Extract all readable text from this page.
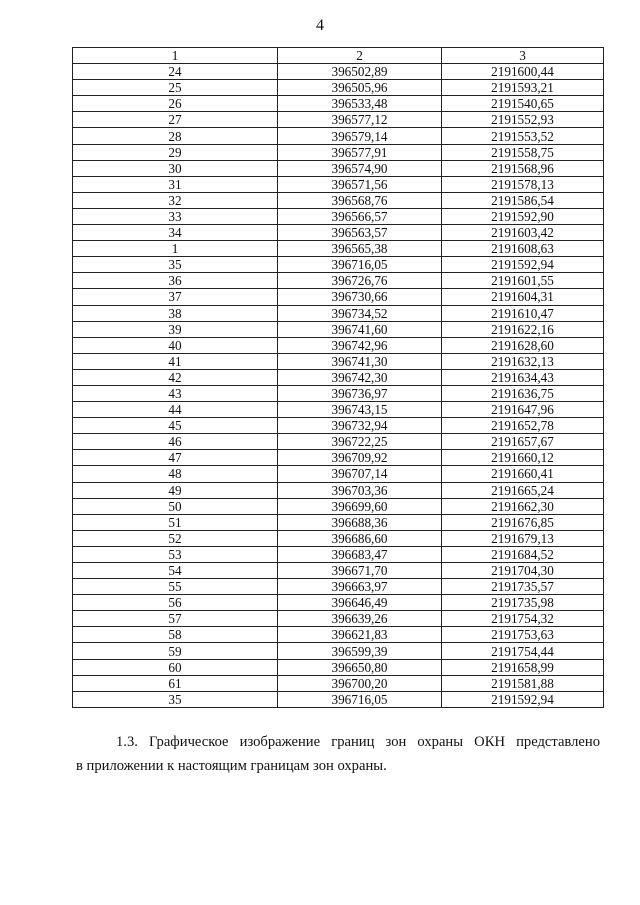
4
1	2	3
24	396502,89	2191600,44
25	396505,96	2191593,21
26	396533,48	2191540,65
27	396577,12	2191552,93
28	396579,14	2191553,52
29	396577,91	2191558,75
30	396574,90	2191568,96
31	396571,56	2191578,13
32	396568,76	2191586,54
33	396566,57	2191592,90
34	396563,57	2191603,42
1	396565,38	2191608,63
35	396716,05	2191592,94
36	396726,76	2191601,55
37	396730,66	2191604,31
38	396734,52	2191610,47
39	396741,60	2191622,16
40	396742,96	2191628,60
41	396741,30	2191632,13
42	396742,30	2191634,43
43	396736,97	2191636,75
44	396743,15	2191647,96
45	396732,94	2191652,78
46	396722,25	2191657,67
47	396709,92	2191660,12
48	396707,14	2191660,41
49	396703,36	2191665,24
50	396699,60	2191662,30
51	396688,36	2191676,85
52	396686,60	2191679,13
53	396683,47	2191684,52
54	396671,70	2191704,30
55	396663,97	2191735,57
56	396646,49	2191735,98
57	396639,26	2191754,32
58	396621,83	2191753,63
59	396599,39	2191754,44
60	396650,80	2191658,99
61	396700,20	2191581,88
35	396716,05	2191592,94
1.3. Графическое изображение границ зон охраны ОКН представлено
в приложении к настоящим границам зон охраны.
